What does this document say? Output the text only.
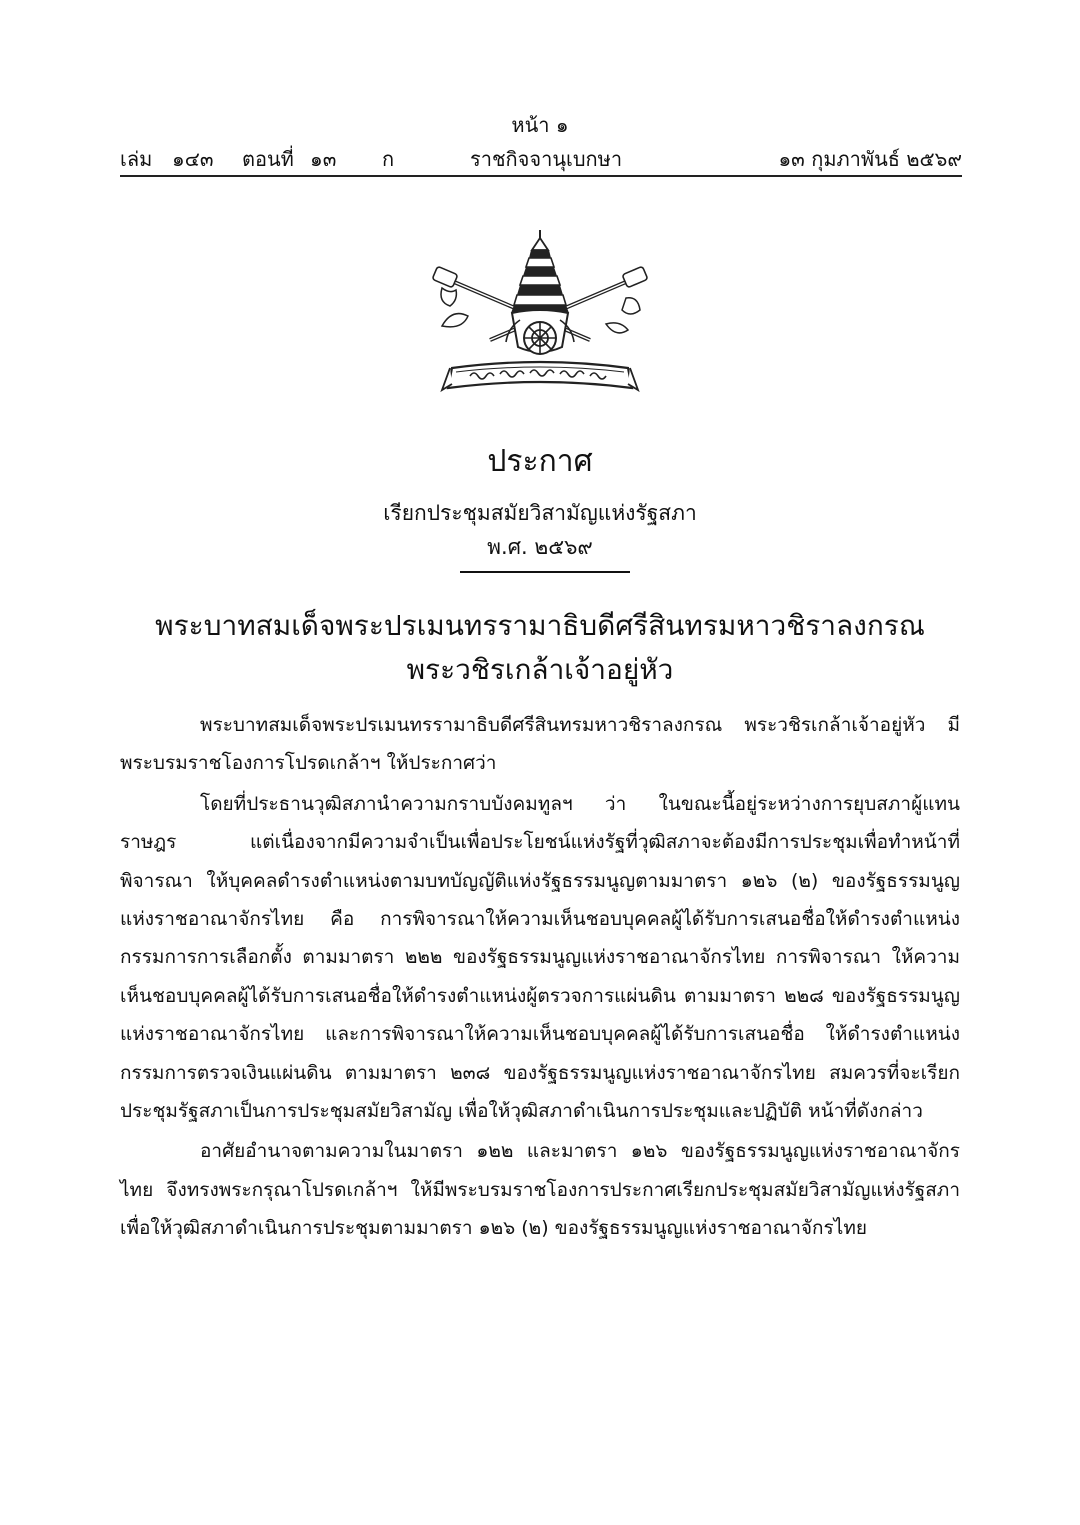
หน้า ๑
เล่ม ๑๔๓ ตอนที่ ๑๓ ก	ราชกิจจานุเบกษา	๑๓ กุมภาพันธ์ ๒๕๖๙
ประกาศ
เรียกประชุมสมัยวิสามัญแห่งรัฐสภา
พ.ศ. ๒๕๖๙
พระบาทสมเด็จพระปรเมนทรรามาธิบดีศรีสินทรมหาวชิราลงกรณ
พระวชิรเกล้าเจ้าอยู่หัว

พระบาทสมเด็จพระปรเมนทรรามาธิบดีศรีสินทรมหาวชิราลงกรณ พระวชิรเกล้าเจ้าอยู่หัว มีพระบรมราชโองการโปรดเกล้าฯ ให้ประกาศว่า

โดยที่ประธานวุฒิสภานำความกราบบังคมทูลฯ ว่า ในขณะนี้อยู่ระหว่างการยุบสภาผู้แทนราษฎร แต่เนื่องจากมีความจำเป็นเพื่อประโยชน์แห่งรัฐที่วุฒิสภาจะต้องมีการประชุมเพื่อทำหน้าที่พิจารณา ให้บุคคลดำรงตำแหน่งตามบทบัญญัติแห่งรัฐธรรมนูญตามมาตรา ๑๒๖ (๒) ของรัฐธรรมนูญ แห่งราชอาณาจักรไทย คือ การพิจารณาให้ความเห็นชอบบุคคลผู้ได้รับการเสนอชื่อให้ดำรงตำแหน่ง กรรมการการเลือกตั้ง ตามมาตรา ๒๒๒ ของรัฐธรรมนูญแห่งราชอาณาจักรไทย การพิจารณา ให้ความเห็นชอบบุคคลผู้ได้รับการเสนอชื่อให้ดำรงตำแหน่งผู้ตรวจการแผ่นดิน ตามมาตรา ๒๒๘ ของรัฐธรรมนูญแห่งราชอาณาจักรไทย และการพิจารณาให้ความเห็นชอบบุคคลผู้ได้รับการเสนอชื่อ ให้ดำรงตำแหน่งกรรมการตรวจเงินแผ่นดิน ตามมาตรา ๒๓๘ ของรัฐธรรมนูญแห่งราชอาณาจักรไทย สมควรที่จะเรียกประชุมรัฐสภาเป็นการประชุมสมัยวิสามัญ เพื่อให้วุฒิสภาดำเนินการประชุมและปฏิบัติ หน้าที่ดังกล่าว

อาศัยอำนาจตามความในมาตรา ๑๒๒ และมาตรา ๑๒๖ ของรัฐธรรมนูญแห่งราชอาณาจักรไทย จึงทรงพระกรุณาโปรดเกล้าฯ ให้มีพระบรมราชโองการประกาศเรียกประชุมสมัยวิสามัญแห่งรัฐสภา เพื่อให้วุฒิสภาดำเนินการประชุมตามมาตรา ๑๒๖ (๒) ของรัฐธรรมนูญแห่งราชอาณาจักรไทย
